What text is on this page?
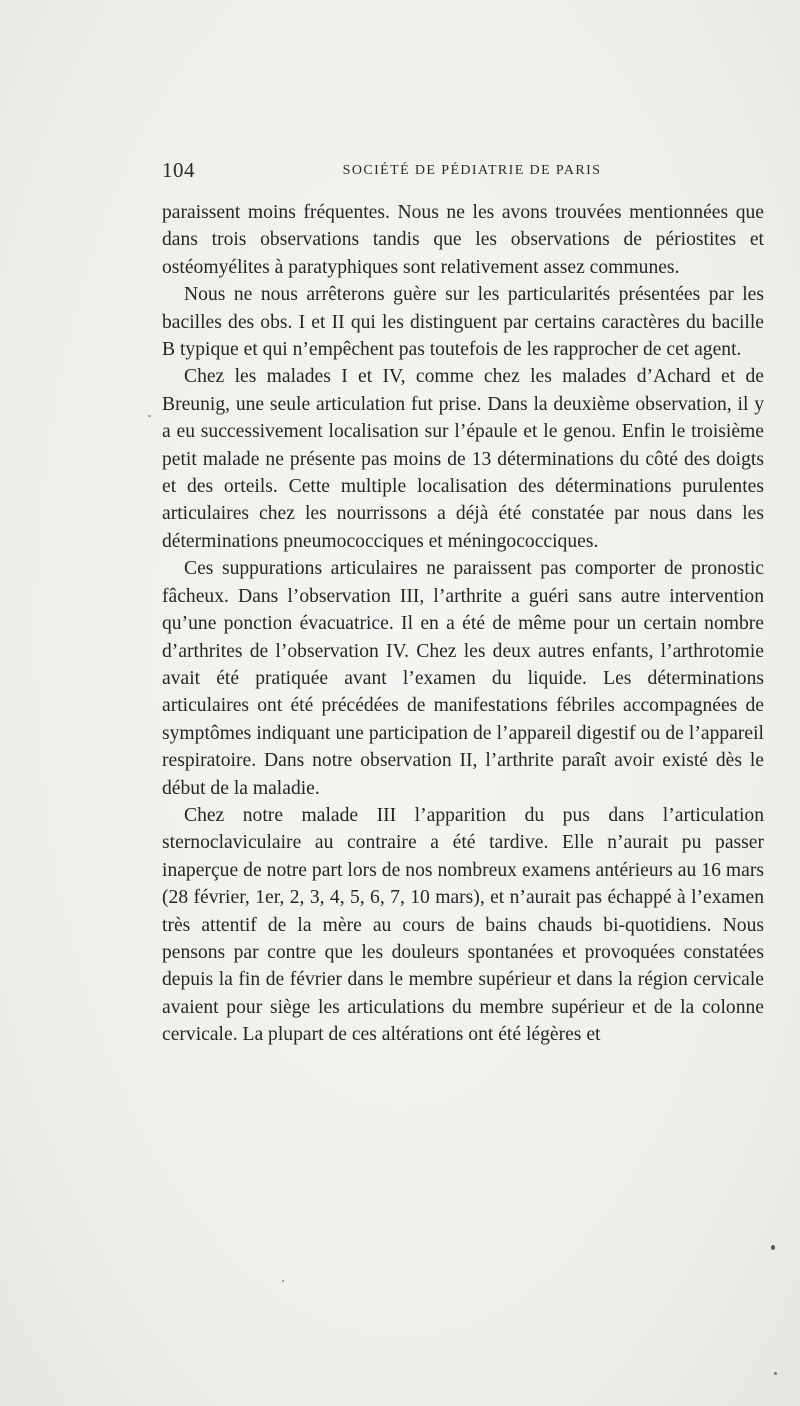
104	SOCIÉTÉ DE PÉDIATRIE DE PARIS

paraissent moins fréquentes. Nous ne les avons trouvées mentionnées que dans trois observations tandis que les observations de périostites et ostéomyélites à paratyphiques sont relativement assez communes.

Nous ne nous arrêterons guère sur les particularités présentées par les bacilles des obs. I et II qui les distinguent par certains caractères du bacille B typique et qui n’empêchent pas toutefois de les rapprocher de cet agent.

Chez les malades I et IV, comme chez les malades d’Achard et de Breunig, une seule articulation fut prise. Dans la deuxième observation, il y a eu successivement localisation sur l’épaule et le genou. Enfin le troisième petit malade ne présente pas moins de 13 déterminations du côté des doigts et des orteils. Cette multiple localisation des déterminations purulentes articulaires chez les nourrissons a déjà été constatée par nous dans les déterminations pneumococciques et méningococciques.

Ces suppurations articulaires ne paraissent pas comporter de pronostic fâcheux. Dans l’observation III, l’arthrite a guéri sans autre intervention qu’une ponction évacuatrice. Il en a été de même pour un certain nombre d’arthrites de l’observation IV. Chez les deux autres enfants, l’arthrotomie avait été pratiquée avant l’examen du liquide. Les déterminations articulaires ont été précédées de manifestations fébriles accompagnées de symptômes indiquant une participation de l’appareil digestif ou de l’appareil respiratoire. Dans notre observation II, l’arthrite paraît avoir existé dès le début de la maladie.

Chez notre malade III l’apparition du pus dans l’articulation sternoclaviculaire au contraire a été tardive. Elle n’aurait pu passer inaperçue de notre part lors de nos nombreux examens antérieurs au 16 mars (28 février, 1er, 2, 3, 4, 5, 6, 7, 10 mars), et n’aurait pas échappé à l’examen très attentif de la mère au cours de bains chauds bi-quotidiens. Nous pensons par contre que les douleurs spontanées et provoquées constatées depuis la fin de février dans le membre supérieur et dans la région cervicale avaient pour siège les articulations du membre supérieur et de la colonne cervicale. La plupart de ces altérations ont été légères et
